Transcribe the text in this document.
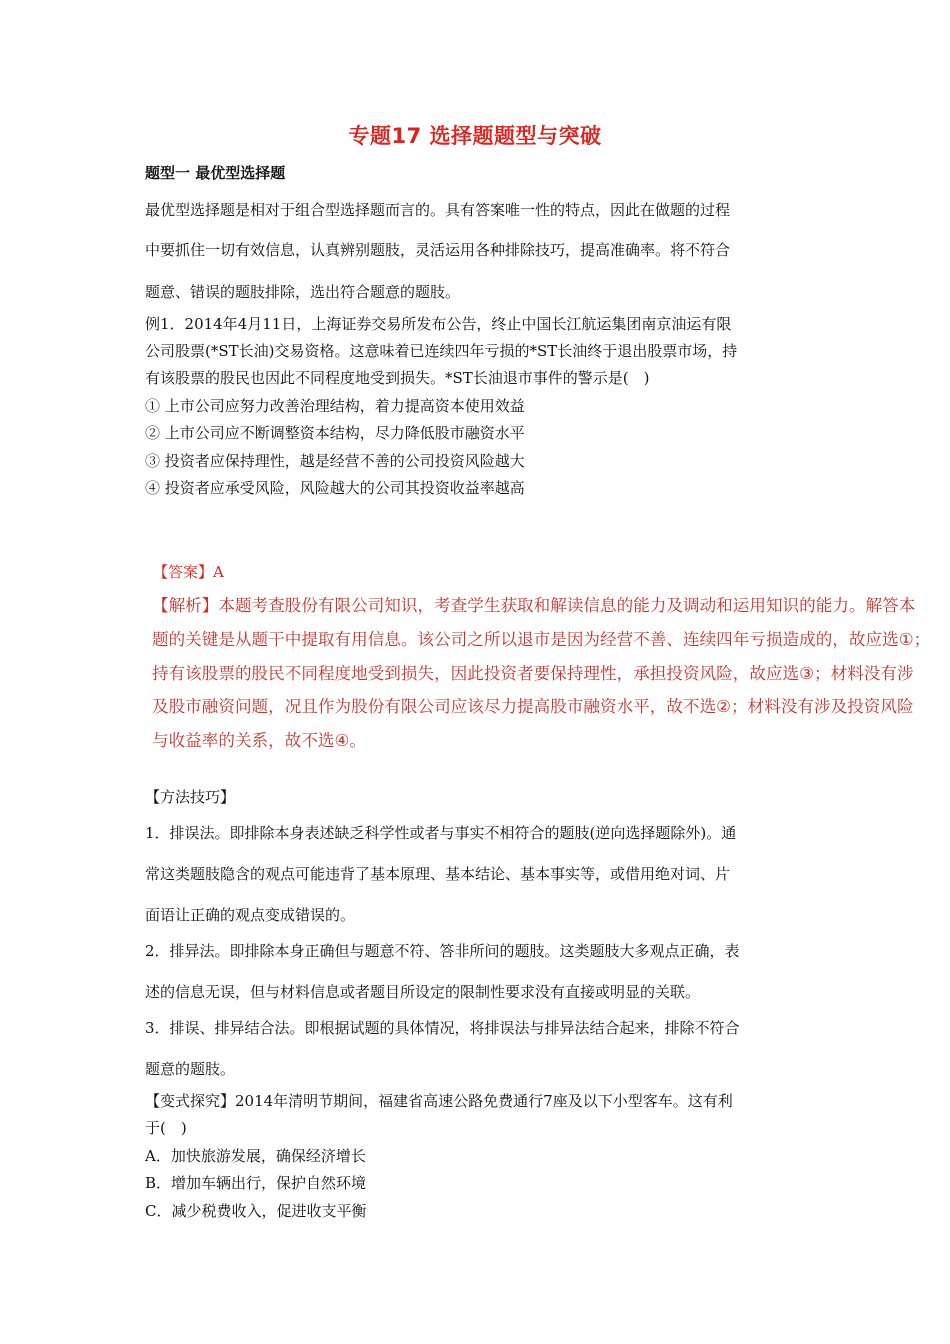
专题17 选择题题型与突破
题型一 最优型选择题
最优型选择题是相对于组合型选择题而言的。具有答案唯一性的特点，因此在做题的过程
中要抓住一切有效信息，认真辨别题肢，灵活运用各种排除技巧，提高准确率。将不符合
题意、错误的题肢排除，选出符合题意的题肢。
例1．2014年4月11日，上海证券交易所发布公告，终止中国长江航运集团南京油运有限
公司股票(*ST长油)交易资格。这意味着已连续四年亏损的*ST长油终于退出股票市场，持
有该股票的股民也因此不同程度地受到损失。*ST长油退市事件的警示是(　)
① 上市公司应努力改善治理结构，着力提高资本使用效益
② 上市公司应不断调整资本结构，尽力降低股市融资水平
③ 投资者应保持理性，越是经营不善的公司投资风险越大
④ 投资者应承受风险，风险越大的公司其投资收益率越高
【答案】A
【解析】本题考查股份有限公司知识，考查学生获取和解读信息的能力及调动和运用知识的能力。解答本
题的关键是从题干中提取有用信息。该公司之所以退市是因为经营不善、连续四年亏损造成的，故应选①；
持有该股票的股民不同程度地受到损失，因此投资者要保持理性，承担投资风险，故应选③；材料没有涉
及股市融资问题，况且作为股份有限公司应该尽力提高股市融资水平，故不选②；材料没有涉及投资风险
与收益率的关系，故不选④。
【方法技巧】
1．排误法。即排除本身表述缺乏科学性或者与事实不相符合的题肢(逆向选择题除外)。通
常这类题肢隐含的观点可能违背了基本原理、基本结论、基本事实等，或借用绝对词、片
面语让正确的观点变成错误的。
2．排异法。即排除本身正确但与题意不符、答非所问的题肢。这类题肢大多观点正确，表
述的信息无误，但与材料信息或者题目所设定的限制性要求没有直接或明显的关联。
3．排误、排异结合法。即根据试题的具体情况，将排误法与排异法结合起来，排除不符合
题意的题肢。
【变式探究】2014年清明节期间，福建省高速公路免费通行7座及以下小型客车。这有利
于(　)
A．加快旅游发展，确保经济增长
B．增加车辆出行，保护自然环境
C．减少税费收入，促进收支平衡
